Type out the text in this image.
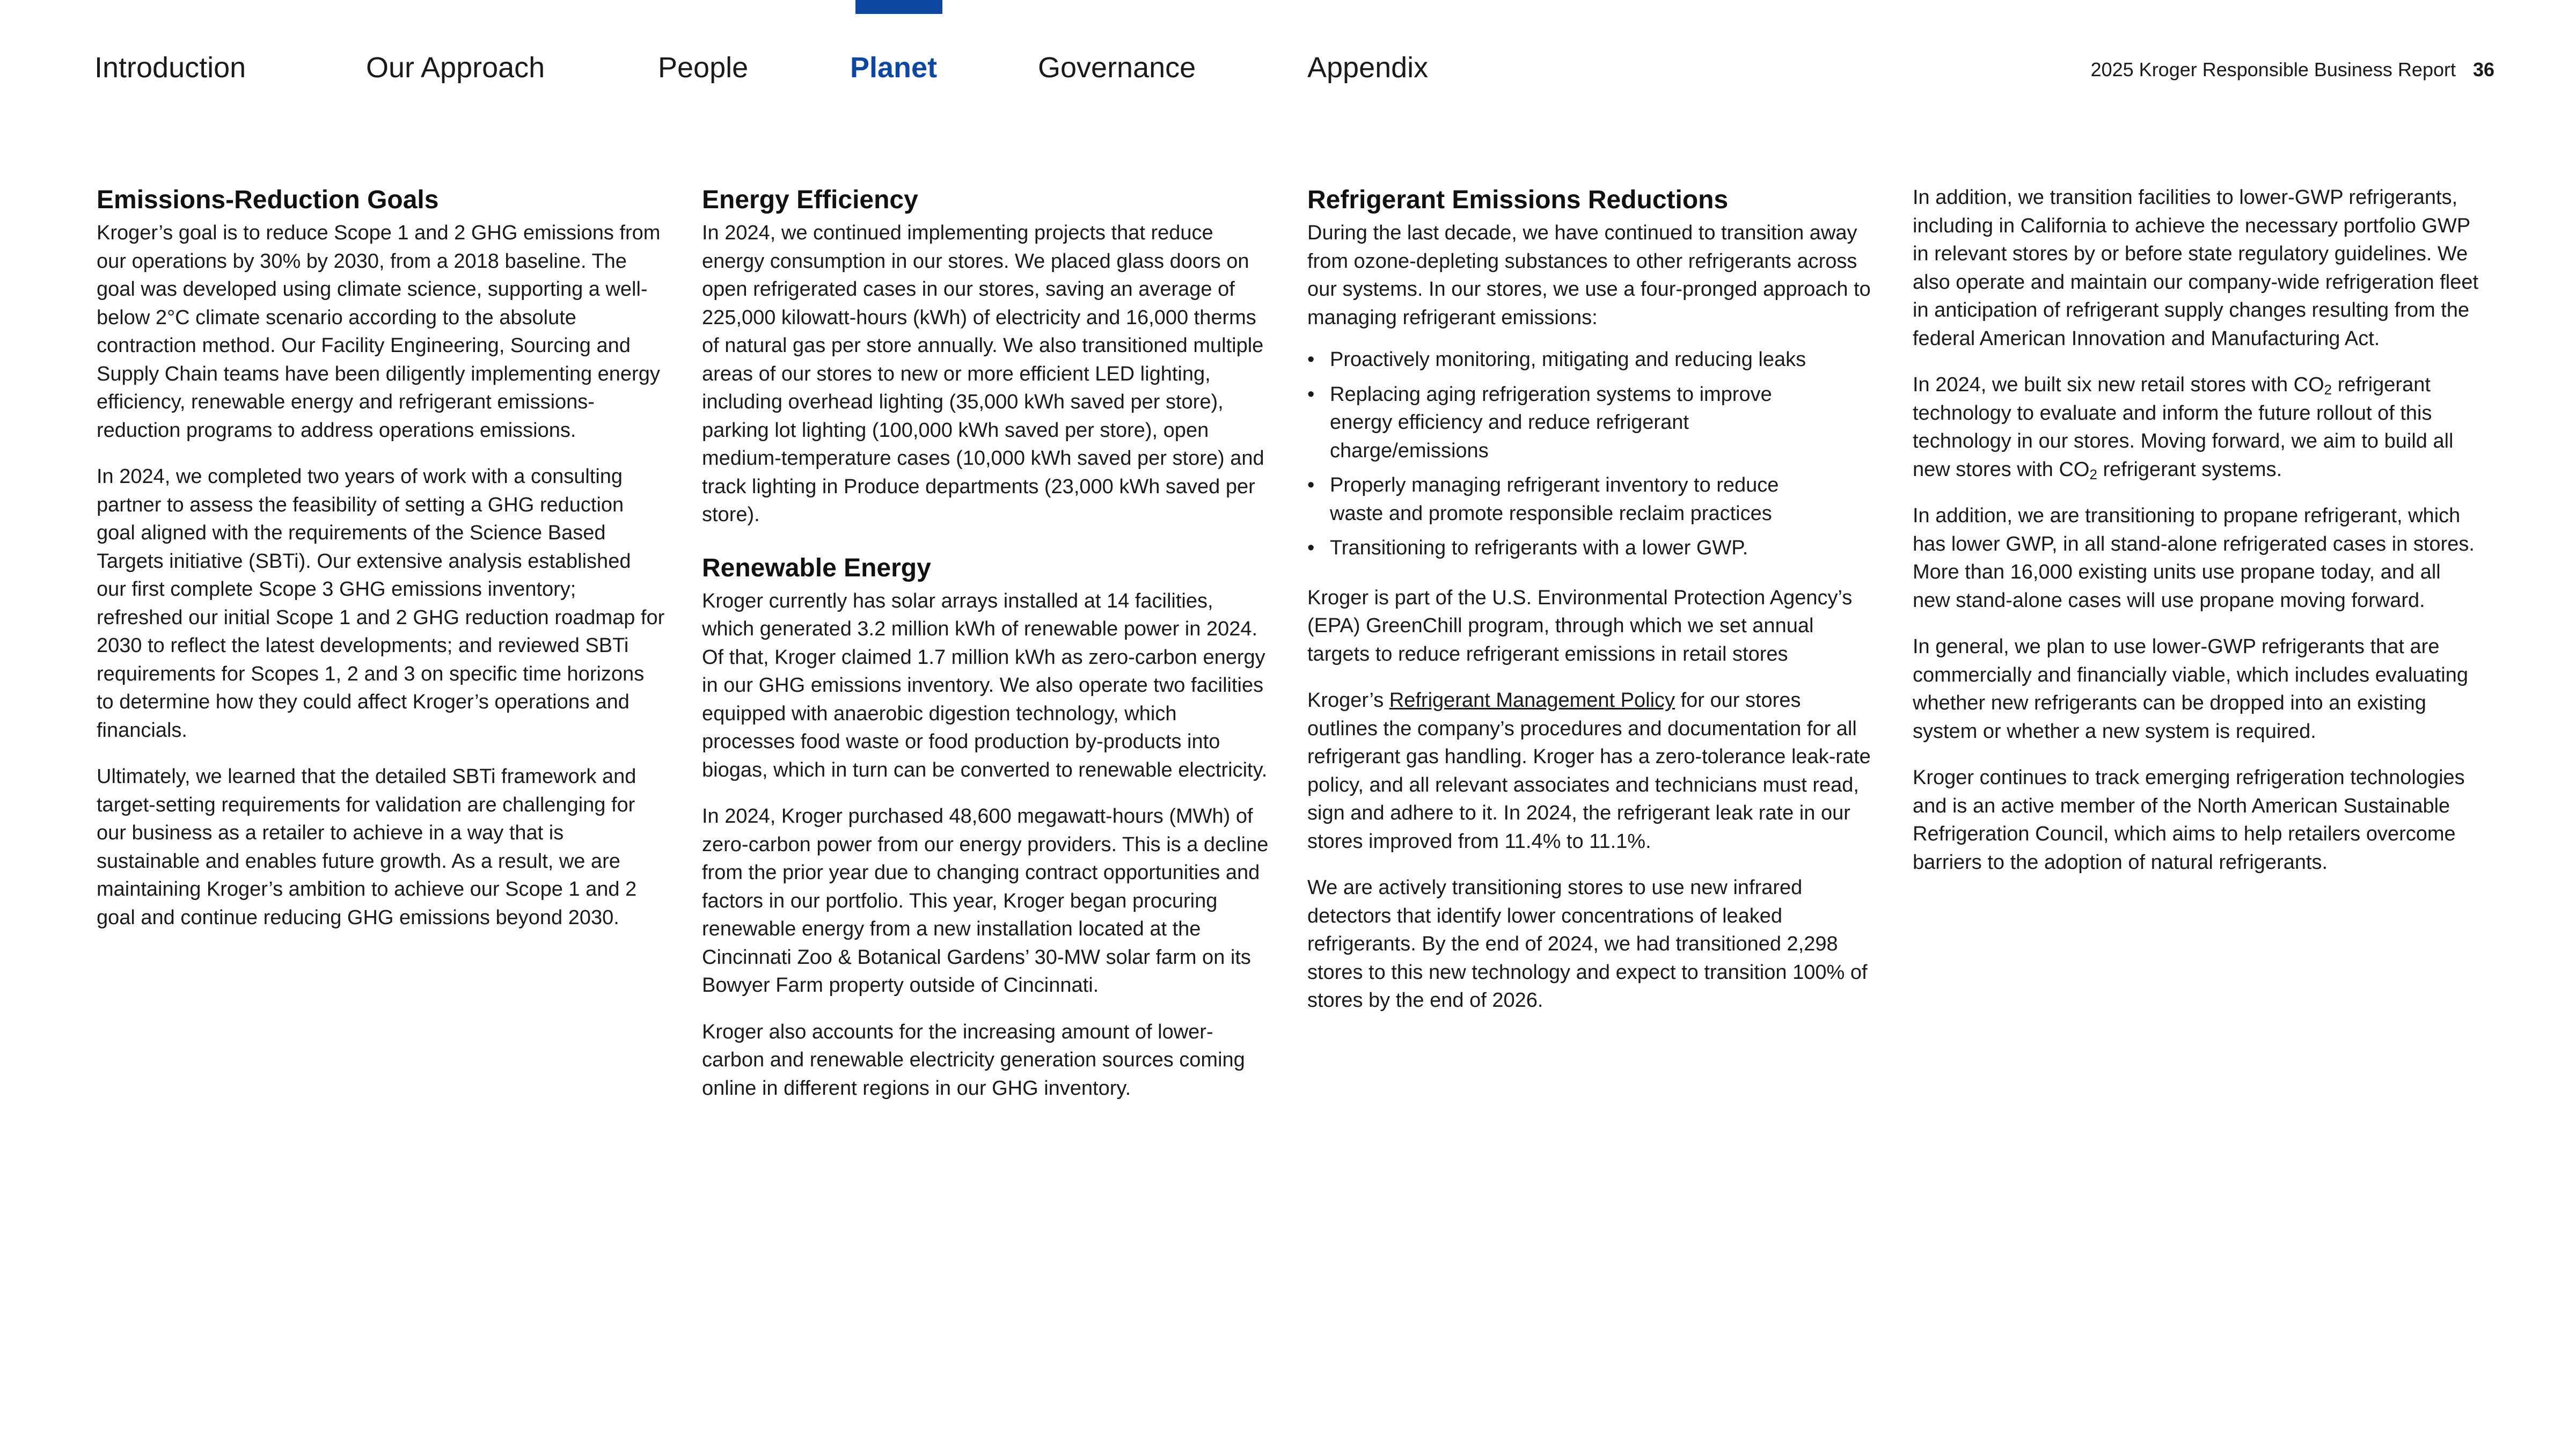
Introduction	Our Approach	People	Planet	Governance	Appendix	2025 Kroger Responsible Business Report 36
Emissions-Reduction Goals

Kroger’s goal is to reduce Scope 1 and 2 GHG emissions from our operations by 30% by 2030, from a 2018 baseline. The goal was developed using climate science, supporting a well-below 2°C climate scenario according to the absolute contraction method. Our Facility Engineering, Sourcing and Supply Chain teams have been diligently implementing energy efficiency, renewable energy and refrigerant emissions-reduction programs to address operations emissions.

In 2024, we completed two years of work with a consulting partner to assess the feasibility of setting a GHG reduction goal aligned with the requirements of the Science Based Targets initiative (SBTi). Our extensive analysis established our first complete Scope 3 GHG emissions inventory; refreshed our initial Scope 1 and 2 GHG reduction roadmap for 2030 to reflect the latest developments; and reviewed SBTi requirements for Scopes 1, 2 and 3 on specific time horizons to determine how they could affect Kroger’s operations and financials.

Ultimately, we learned that the detailed SBTi framework and target-setting requirements for validation are challenging for our business as a retailer to achieve in a way that is sustainable and enables future growth. As a result, we are maintaining Kroger’s ambition to achieve our Scope 1 and 2 goal and continue reducing GHG emissions beyond 2030.

Energy Efficiency

In 2024, we continued implementing projects that reduce energy consumption in our stores. We placed glass doors on open refrigerated cases in our stores, saving an average of 225,000 kilowatt-hours (kWh) of electricity and 16,000 therms of natural gas per store annually. We also transitioned multiple areas of our stores to new or more efficient LED lighting, including overhead lighting (35,000 kWh saved per store), parking lot lighting (100,000 kWh saved per store), open medium-temperature cases (10,000 kWh saved per store) and track lighting in Produce departments (23,000 kWh saved per store).

Renewable Energy

Kroger currently has solar arrays installed at 14 facilities, which generated 3.2 million kWh of renewable power in 2024. Of that, Kroger claimed 1.7 million kWh as zero-carbon energy in our GHG emissions inventory. We also operate two facilities equipped with anaerobic digestion technology, which processes food waste or food production by-products into biogas, which in turn can be converted to renewable electricity.

In 2024, Kroger purchased 48,600 megawatt-hours (MWh) of zero-carbon power from our energy providers. This is a decline from the prior year due to changing contract opportunities and factors in our portfolio. This year, Kroger began procuring renewable energy from a new installation located at the Cincinnati Zoo & Botanical Gardens’ 30-MW solar farm on its Bowyer Farm property outside of Cincinnati.

Kroger also accounts for the increasing amount of lower-carbon and renewable electricity generation sources coming online in different regions in our GHG inventory.

Refrigerant Emissions Reductions

During the last decade, we have continued to transition away from ozone-depleting substances to other refrigerants across our systems. In our stores, we use a four-pronged approach to managing refrigerant emissions:

• Proactively monitoring, mitigating and reducing leaks
• Replacing aging refrigeration systems to improve energy efficiency and reduce refrigerant charge/emissions
• Properly managing refrigerant inventory to reduce waste and promote responsible reclaim practices
• Transitioning to refrigerants with a lower GWP.

Kroger is part of the U.S. Environmental Protection Agency’s (EPA) GreenChill program, through which we set annual targets to reduce refrigerant emissions in retail stores

Kroger’s Refrigerant Management Policy for our stores outlines the company’s procedures and documentation for all refrigerant gas handling. Kroger has a zero-tolerance leak-rate policy, and all relevant associates and technicians must read, sign and adhere to it. In 2024, the refrigerant leak rate in our stores improved from 11.4% to 11.1%.

We are actively transitioning stores to use new infrared detectors that identify lower concentrations of leaked refrigerants. By the end of 2024, we had transitioned 2,298 stores to this new technology and expect to transition 100% of stores by the end of 2026.

In addition, we transition facilities to lower-GWP refrigerants, including in California to achieve the necessary portfolio GWP in relevant stores by or before state regulatory guidelines. We also operate and maintain our company-wide refrigeration fleet in anticipation of refrigerant supply changes resulting from the federal American Innovation and Manufacturing Act.

In 2024, we built six new retail stores with $CO_2$ refrigerant technology to evaluate and inform the future rollout of this technology in our stores. Moving forward, we aim to build all new stores with $CO_2$ refrigerant systems.

In addition, we are transitioning to propane refrigerant, which has lower GWP, in all stand-alone refrigerated cases in stores. More than 16,000 existing units use propane today, and all new stand-alone cases will use propane moving forward.

In general, we plan to use lower-GWP refrigerants that are commercially and financially viable, which includes evaluating whether new refrigerants can be dropped into an existing system or whether a new system is required.

Kroger continues to track emerging refrigeration technologies and is an active member of the North American Sustainable Refrigeration Council, which aims to help retailers overcome barriers to the adoption of natural refrigerants.
